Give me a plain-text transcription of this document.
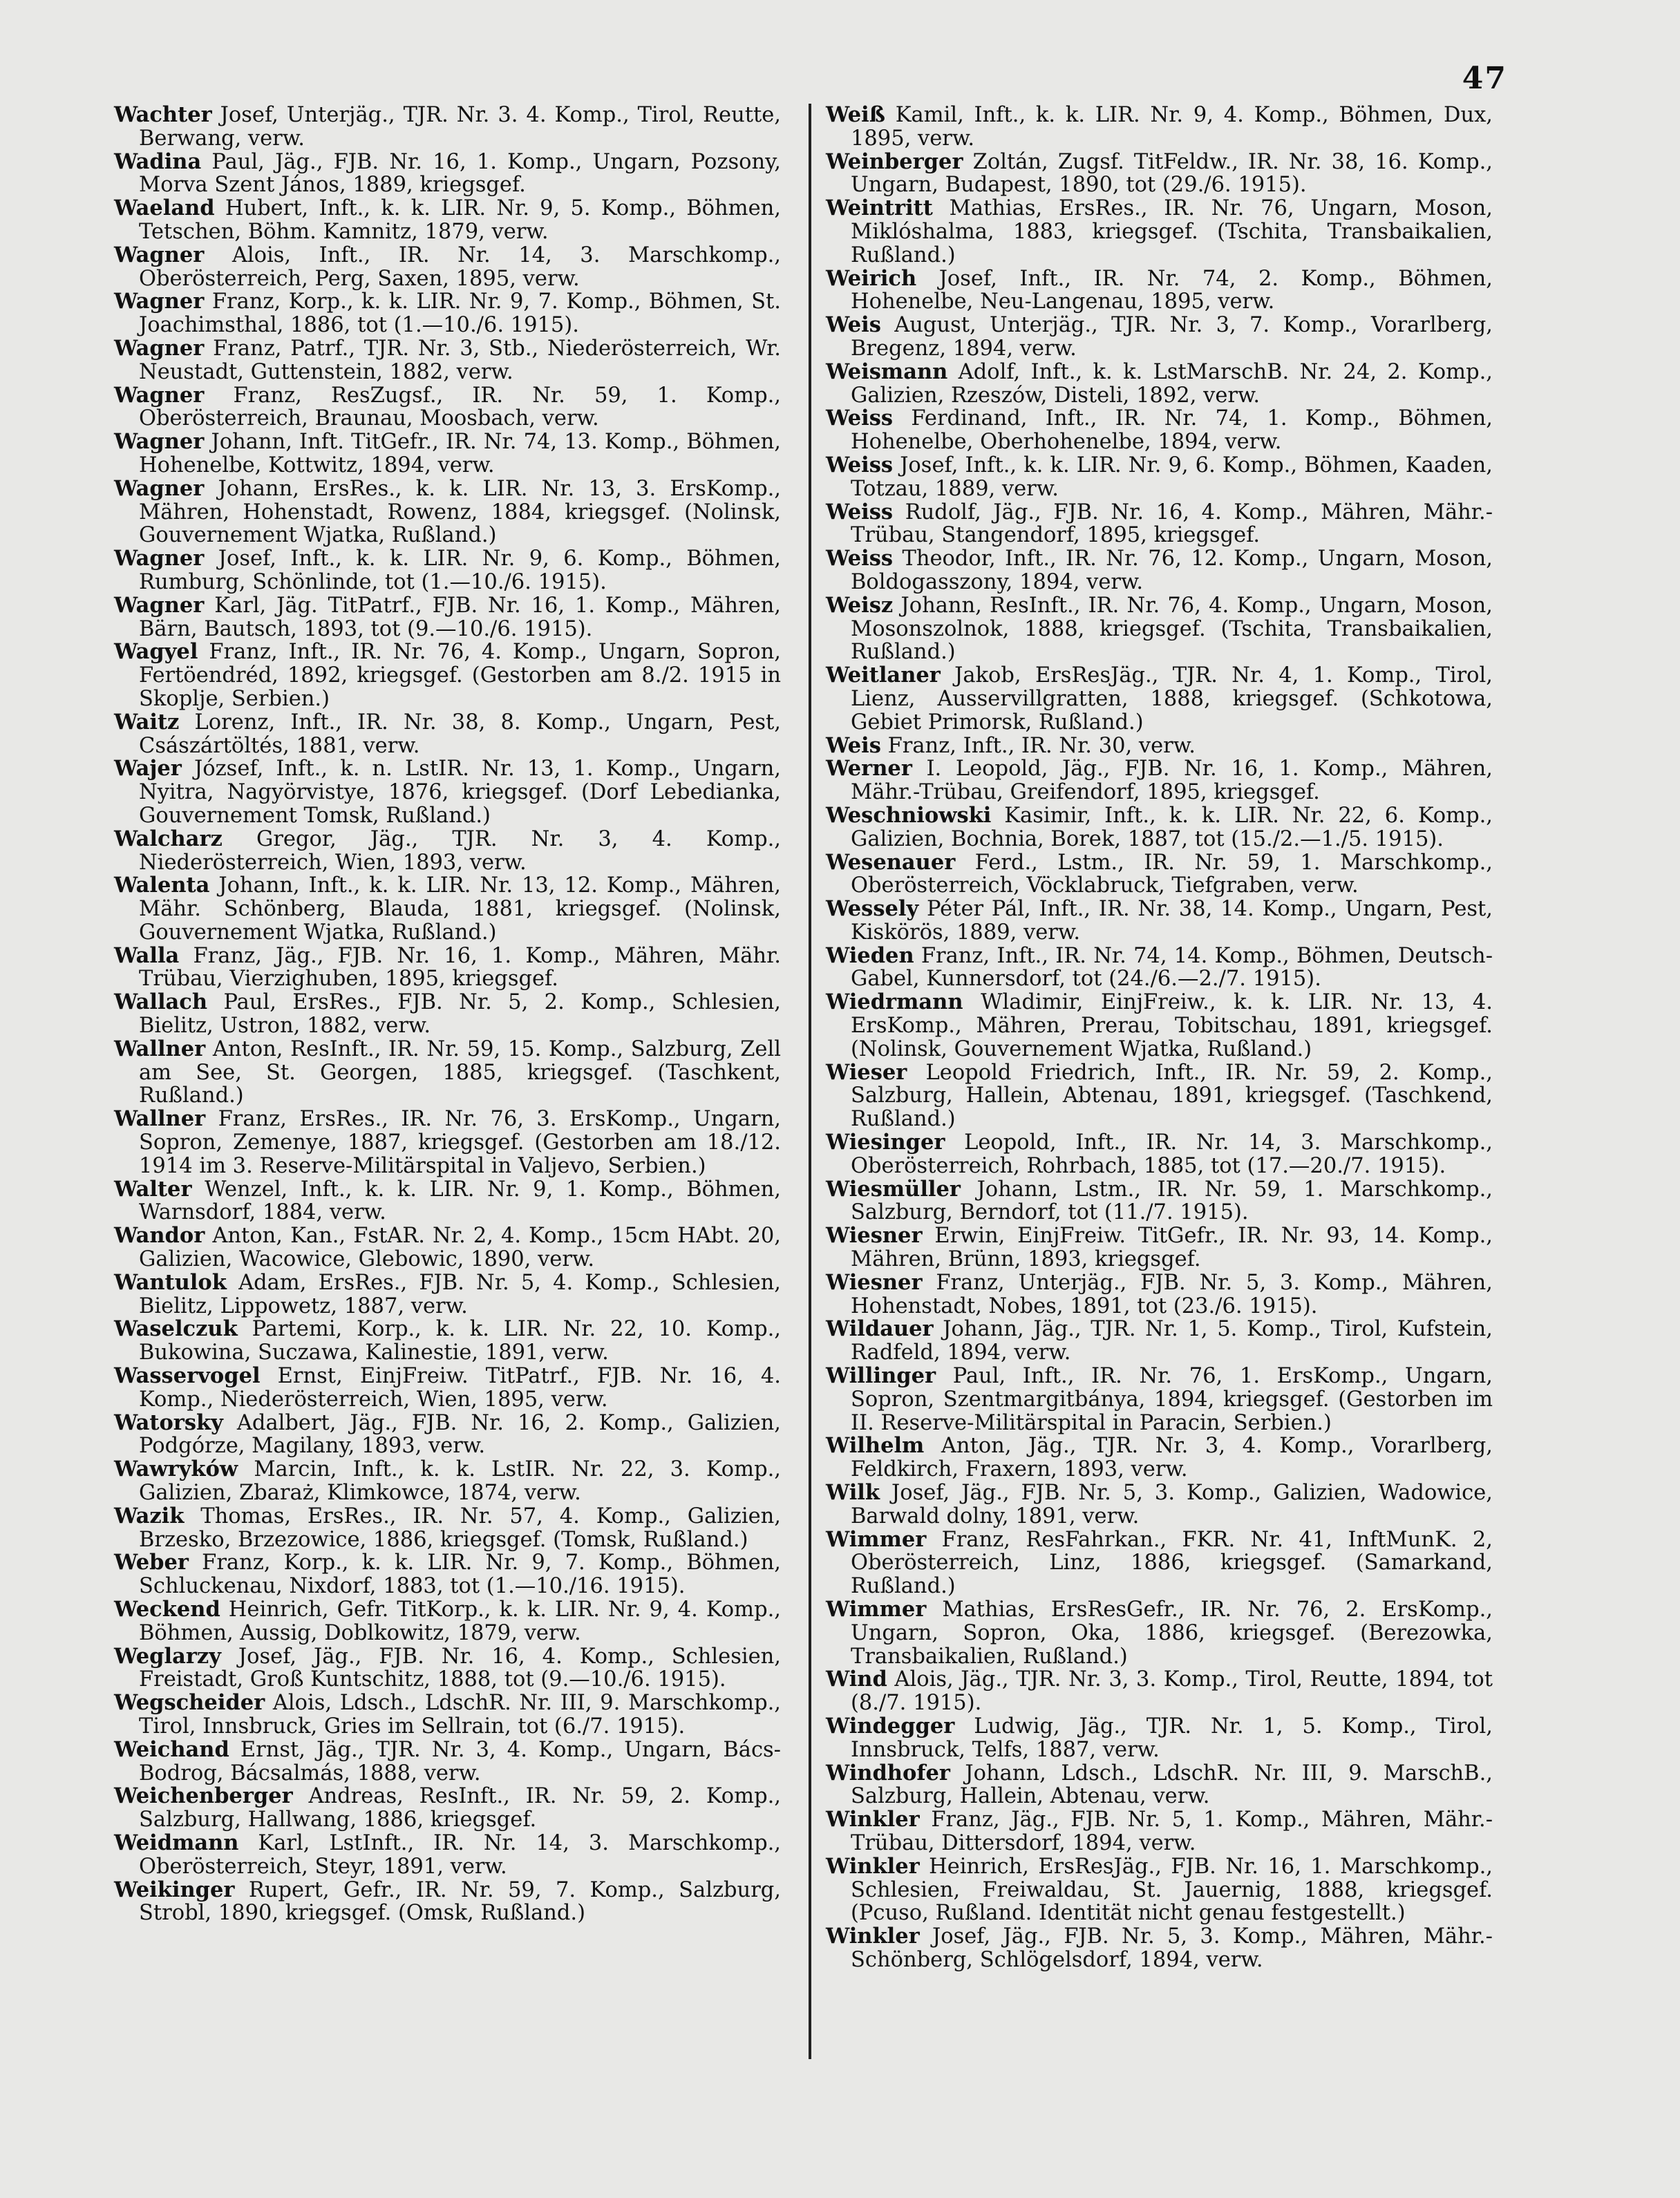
47

Wachter Josef, Unterjäg., TJR. Nr. 3. 4. Komp., Tirol, Reutte, Berwang, verw.

Wadina Paul, Jäg., FJB. Nr. 16, 1. Komp., Ungarn, Pozsony, Morva Szent János, 1889, kriegsgef.

Waeland Hubert, Inft., k. k. LIR. Nr. 9, 5. Komp., Böhmen, Tetschen, Böhm. Kamnitz, 1879, verw.

Wagner Alois, Inft., IR. Nr. 14, 3. Marschkomp., Oberösterreich, Perg, Saxen, 1895, verw.

Wagner Franz, Korp., k. k. LIR. Nr. 9, 7. Komp., Böhmen, St. Joachimsthal, 1886, tot (1.—10./6. 1915).

Wagner Franz, Patrf., TJR. Nr. 3, Stb., Niederösterreich, Wr. Neustadt, Guttenstein, 1882, verw.

Wagner Franz, ResZugsf., IR. Nr. 59, 1. Komp., Oberösterreich, Braunau, Moosbach, verw.

Wagner Johann, Inft. TitGefr., IR. Nr. 74, 13. Komp., Böhmen, Hohenelbe, Kottwitz, 1894, verw.

Wagner Johann, ErsRes., k. k. LIR. Nr. 13, 3. ErsKomp., Mähren, Hohenstadt, Rowenz, 1884, kriegsgef. (Nolinsk, Gouvernement Wjatka, Rußland.)

Wagner Josef, Inft., k. k. LIR. Nr. 9, 6. Komp., Böhmen, Rumburg, Schönlinde, tot (1.—10./6. 1915).

Wagner Karl, Jäg. TitPatrf., FJB. Nr. 16, 1. Komp., Mähren, Bärn, Bautsch, 1893, tot (9.—10./6. 1915).

Wagyel Franz, Inft., IR. Nr. 76, 4. Komp., Ungarn, Sopron, Fertöendréd, 1892, kriegsgef. (Gestorben am 8./2. 1915 in Skoplje, Serbien.)

Waitz Lorenz, Inft., IR. Nr. 38, 8. Komp., Ungarn, Pest, Császártöltés, 1881, verw.

Wajer József, Inft., k. n. LstIR. Nr. 13, 1. Komp., Ungarn, Nyitra, Nagyörvistye, 1876, kriegsgef. (Dorf Lebedianka, Gouvernement Tomsk, Rußland.)

Walcharz Gregor, Jäg., TJR. Nr. 3, 4. Komp., Niederösterreich, Wien, 1893, verw.

Walenta Johann, Inft., k. k. LIR. Nr. 13, 12. Komp., Mähren, Mähr. Schönberg, Blauda, 1881, kriegsgef. (Nolinsk, Gouvernement Wjatka, Rußland.)

Walla Franz, Jäg., FJB. Nr. 16, 1. Komp., Mähren, Mähr. Trübau, Vierzighuben, 1895, kriegsgef.

Wallach Paul, ErsRes., FJB. Nr. 5, 2. Komp., Schlesien, Bielitz, Ustron, 1882, verw.

Wallner Anton, ResInft., IR. Nr. 59, 15. Komp., Salzburg, Zell am See, St. Georgen, 1885, kriegsgef. (Taschkent, Rußland.)

Wallner Franz, ErsRes., IR. Nr. 76, 3. ErsKomp., Ungarn, Sopron, Zemenye, 1887, kriegsgef. (Gestorben am 18./12. 1914 im 3. Reserve-Militärspital in Valjevo, Serbien.)

Walter Wenzel, Inft., k. k. LIR. Nr. 9, 1. Komp., Böhmen, Warnsdorf, 1884, verw.

Wandor Anton, Kan., FstAR. Nr. 2, 4. Komp., 15cm HAbt. 20, Galizien, Wacowice, Glebowic, 1890, verw.

Wantulok Adam, ErsRes., FJB. Nr. 5, 4. Komp., Schlesien, Bielitz, Lippowetz, 1887, verw.

Waselczuk Partemi, Korp., k. k. LIR. Nr. 22, 10. Komp., Bukowina, Suczawa, Kalinestie, 1891, verw.

Wasservogel Ernst, EinjFreiw. TitPatrf., FJB. Nr. 16, 4. Komp., Niederösterreich, Wien, 1895, verw.

Watorsky Adalbert, Jäg., FJB. Nr. 16, 2. Komp., Galizien, Podgórze, Magilany, 1893, verw.

Wawryków Marcin, Inft., k. k. LstIR. Nr. 22, 3. Komp., Galizien, Zbaraż, Klimkowce, 1874, verw.

Wazik Thomas, ErsRes., IR. Nr. 57, 4. Komp., Galizien, Brzesko, Brzezowice, 1886, kriegsgef. (Tomsk, Rußland.)

Weber Franz, Korp., k. k. LIR. Nr. 9, 7. Komp., Böhmen, Schluckenau, Nixdorf, 1883, tot (1.—10./16. 1915).

Weckend Heinrich, Gefr. TitKorp., k. k. LIR. Nr. 9, 4. Komp., Böhmen, Aussig, Doblkowitz, 1879, verw.

Weglarzy Josef, Jäg., FJB. Nr. 16, 4. Komp., Schlesien, Freistadt, Groß Kuntschitz, 1888, tot (9.—10./6. 1915).

Wegscheider Alois, Ldsch., LdschR. Nr. III, 9. Marschkomp., Tirol, Innsbruck, Gries im Sellrain, tot (6./7. 1915).

Weichand Ernst, Jäg., TJR. Nr. 3, 4. Komp., Ungarn, Bács-Bodrog, Bácsalmás, 1888, verw.

Weichenberger Andreas, ResInft., IR. Nr. 59, 2. Komp., Salzburg, Hallwang, 1886, kriegsgef.

Weidmann Karl, LstInft., IR. Nr. 14, 3. Marschkomp., Oberösterreich, Steyr, 1891, verw.

Weikinger Rupert, Gefr., IR. Nr. 59, 7. Komp., Salzburg, Strobl, 1890, kriegsgef. (Omsk, Rußland.)

Weiß Kamil, Inft., k. k. LIR. Nr. 9, 4. Komp., Böhmen, Dux, 1895, verw.

Weinberger Zoltán, Zugsf. TitFeldw., IR. Nr. 38, 16. Komp., Ungarn, Budapest, 1890, tot (29./6. 1915).

Weintritt Mathias, ErsRes., IR. Nr. 76, Ungarn, Moson, Miklóshalma, 1883, kriegsgef. (Tschita, Transbaikalien, Rußland.)

Weirich Josef, Inft., IR. Nr. 74, 2. Komp., Böhmen, Hohenelbe, Neu-Langenau, 1895, verw.

Weis August, Unterjäg., TJR. Nr. 3, 7. Komp., Vorarlberg, Bregenz, 1894, verw.

Weismann Adolf, Inft., k. k. LstMarschB. Nr. 24, 2. Komp., Galizien, Rzeszów, Disteli, 1892, verw.

Weiss Ferdinand, Inft., IR. Nr. 74, 1. Komp., Böhmen, Hohenelbe, Oberhohenelbe, 1894, verw.

Weiss Josef, Inft., k. k. LIR. Nr. 9, 6. Komp., Böhmen, Kaaden, Totzau, 1889, verw.

Weiss Rudolf, Jäg., FJB. Nr. 16, 4. Komp., Mähren, Mähr.-Trübau, Stangendorf, 1895, kriegsgef.

Weiss Theodor, Inft., IR. Nr. 76, 12. Komp., Ungarn, Moson, Boldogasszony, 1894, verw.

Weisz Johann, ResInft., IR. Nr. 76, 4. Komp., Ungarn, Moson, Mosonszolnok, 1888, kriegsgef. (Tschita, Transbaikalien, Rußland.)

Weitlaner Jakob, ErsResJäg., TJR. Nr. 4, 1. Komp., Tirol, Lienz, Ausservillgratten, 1888, kriegsgef. (Schkotowa, Gebiet Primorsk, Rußland.)

Weis Franz, Inft., IR. Nr. 30, verw.

Werner I. Leopold, Jäg., FJB. Nr. 16, 1. Komp., Mähren, Mähr.-Trübau, Greifendorf, 1895, kriegsgef.

Weschniowski Kasimir, Inft., k. k. LIR. Nr. 22, 6. Komp., Galizien, Bochnia, Borek, 1887, tot (15./2.—1./5. 1915).

Wesenauer Ferd., Lstm., IR. Nr. 59, 1. Marschkomp., Oberösterreich, Vöcklabruck, Tiefgraben, verw.

Wessely Péter Pál, Inft., IR. Nr. 38, 14. Komp., Ungarn, Pest, Kiskörös, 1889, verw.

Wieden Franz, Inft., IR. Nr. 74, 14. Komp., Böhmen, Deutsch-Gabel, Kunnersdorf, tot (24./6.—2./7. 1915).

Wiedrmann Wladimir, EinjFreiw., k. k. LIR. Nr. 13, 4. ErsKomp., Mähren, Prerau, Tobitschau, 1891, kriegsgef. (Nolinsk, Gouvernement Wjatka, Rußland.)

Wieser Leopold Friedrich, Inft., IR. Nr. 59, 2. Komp., Salzburg, Hallein, Abtenau, 1891, kriegsgef. (Taschkend, Rußland.)

Wiesinger Leopold, Inft., IR. Nr. 14, 3. Marschkomp., Oberösterreich, Rohrbach, 1885, tot (17.—20./7. 1915).

Wiesmüller Johann, Lstm., IR. Nr. 59, 1. Marschkomp., Salzburg, Berndorf, tot (11./7. 1915).

Wiesner Erwin, EinjFreiw. TitGefr., IR. Nr. 93, 14. Komp., Mähren, Brünn, 1893, kriegsgef.

Wiesner Franz, Unterjäg., FJB. Nr. 5, 3. Komp., Mähren, Hohenstadt, Nobes, 1891, tot (23./6. 1915).

Wildauer Johann, Jäg., TJR. Nr. 1, 5. Komp., Tirol, Kufstein, Radfeld, 1894, verw.

Willinger Paul, Inft., IR. Nr. 76, 1. ErsKomp., Ungarn, Sopron, Szentmargitbánya, 1894, kriegsgef. (Gestorben im II. Reserve-Militärspital in Paracin, Serbien.)

Wilhelm Anton, Jäg., TJR. Nr. 3, 4. Komp., Vorarlberg, Feldkirch, Fraxern, 1893, verw.

Wilk Josef, Jäg., FJB. Nr. 5, 3. Komp., Galizien, Wadowice, Barwald dolny, 1891, verw.

Wimmer Franz, ResFahrkan., FKR. Nr. 41, InftMunK. 2, Oberösterreich, Linz, 1886, kriegsgef. (Samarkand, Rußland.)

Wimmer Mathias, ErsResGefr., IR. Nr. 76, 2. ErsKomp., Ungarn, Sopron, Oka, 1886, kriegsgef. (Berezowka, Transbaikalien, Rußland.)

Wind Alois, Jäg., TJR. Nr. 3, 3. Komp., Tirol, Reutte, 1894, tot (8./7. 1915).

Windegger Ludwig, Jäg., TJR. Nr. 1, 5. Komp., Tirol, Innsbruck, Telfs, 1887, verw.

Windhofer Johann, Ldsch., LdschR. Nr. III, 9. MarschB., Salzburg, Hallein, Abtenau, verw.

Winkler Franz, Jäg., FJB. Nr. 5, 1. Komp., Mähren, Mähr.-Trübau, Dittersdorf, 1894, verw.

Winkler Heinrich, ErsResJäg., FJB. Nr. 16, 1. Marschkomp., Schlesien, Freiwaldau, St. Jauernig, 1888, kriegsgef. (Pcuso, Rußland. Identität nicht genau festgestellt.)

Winkler Josef, Jäg., FJB. Nr. 5, 3. Komp., Mähren, Mähr.-Schönberg, Schlögelsdorf, 1894, verw.
